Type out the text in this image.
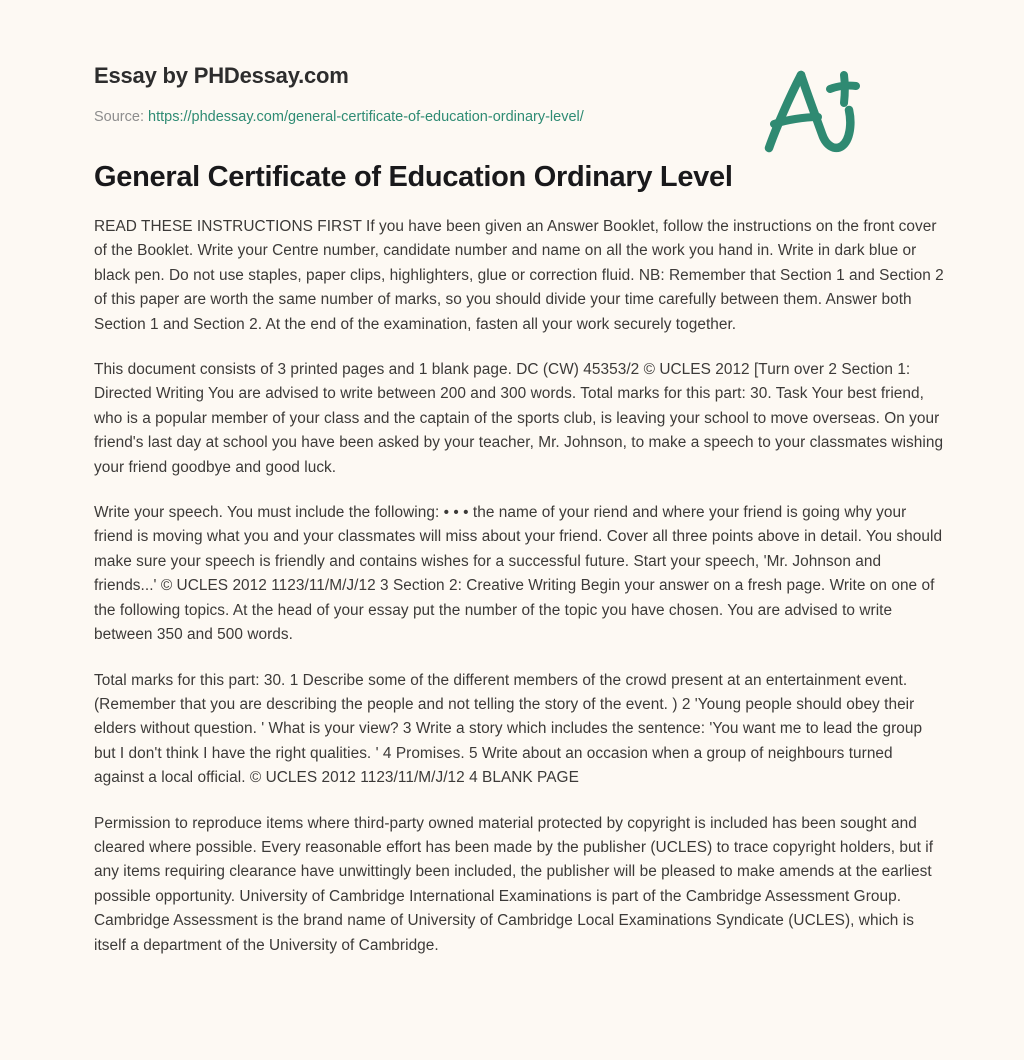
Essay by PHDessay.com
Source: https://phdessay.com/general-certificate-of-education-ordinary-level/
General Certificate of Education Ordinary Level

READ THESE INSTRUCTIONS FIRST If you have been given an Answer Booklet, follow the instructions on the front cover of the Booklet. Write your Centre number, candidate number and name on all the work you hand in. Write in dark blue or black pen. Do not use staples, paper clips, highlighters, glue or correction fluid. NB: Remember that Section 1 and Section 2 of this paper are worth the same number of marks, so you should divide your time carefully between them. Answer both Section 1 and Section 2. At the end of the examination, fasten all your work securely together.

This document consists of 3 printed pages and 1 blank page. DC (CW) 45353/2 © UCLES 2012 [Turn over 2 Section 1: Directed Writing You are advised to write between 200 and 300 words. Total marks for this part: 30. Task Your best friend, who is a popular member of your class and the captain of the sports club, is leaving your school to move overseas. On your friend's last day at school you have been asked by your teacher, Mr. Johnson, to make a speech to your classmates wishing your friend goodbye and good luck.

Write your speech. You must include the following: • • • the name of your riend and where your friend is going why your friend is moving what you and your classmates will miss about your friend. Cover all three points above in detail. You should make sure your speech is friendly and contains wishes for a successful future. Start your speech, 'Mr. Johnson and friends...' © UCLES 2012 1123/11/M/J/12 3 Section 2: Creative Writing Begin your answer on a fresh page. Write on one of the following topics. At the head of your essay put the number of the topic you have chosen. You are advised to write between 350 and 500 words.

Total marks for this part: 30. 1 Describe some of the different members of the crowd present at an entertainment event. (Remember that you are describing the people and not telling the story of the event. ) 2 'Young people should obey their elders without question. ' What is your view? 3 Write a story which includes the sentence: 'You want me to lead the group but I don't think I have the right qualities. ' 4 Promises. 5 Write about an occasion when a group of neighbours turned against a local official. © UCLES 2012 1123/11/M/J/12 4 BLANK PAGE

Permission to reproduce items where third-party owned material protected by copyright is included has been sought and cleared where possible. Every reasonable effort has been made by the publisher (UCLES) to trace copyright holders, but if any items requiring clearance have unwittingly been included, the publisher will be pleased to make amends at the earliest possible opportunity. University of Cambridge International Examinations is part of the Cambridge Assessment Group. Cambridge Assessment is the brand name of University of Cambridge Local Examinations Syndicate (UCLES), which is itself a department of the University of Cambridge.
